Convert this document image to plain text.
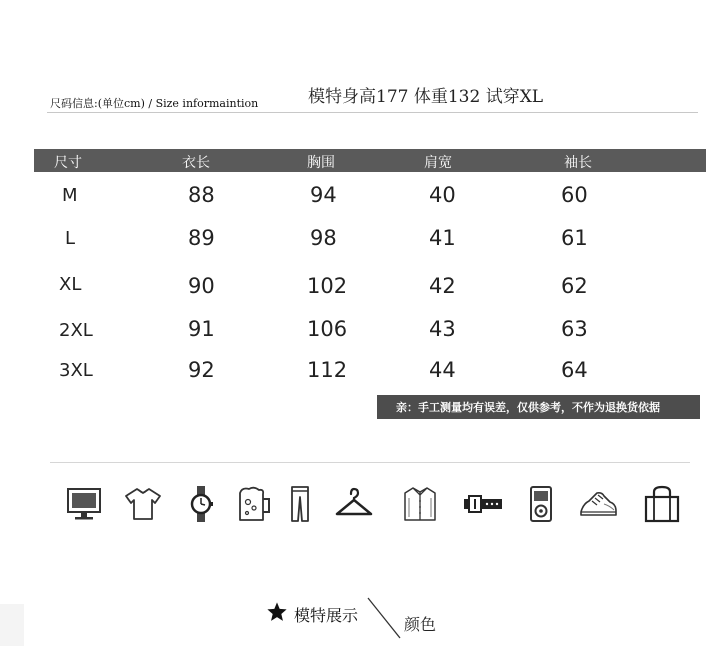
尺码信息:(单位cm) / Size informaintion	模特身高177 体重132 试穿XL
尺寸	衣长	胸围	肩宽	袖长
M	88	94	40	60
L	89	98	41	61
XL	90	102	42	62
2XL	91	106	43	63
3XL	92	112	44	64
亲：手工测量均有误差，仅供参考，不作为退换货依据
模特展示	颜色
